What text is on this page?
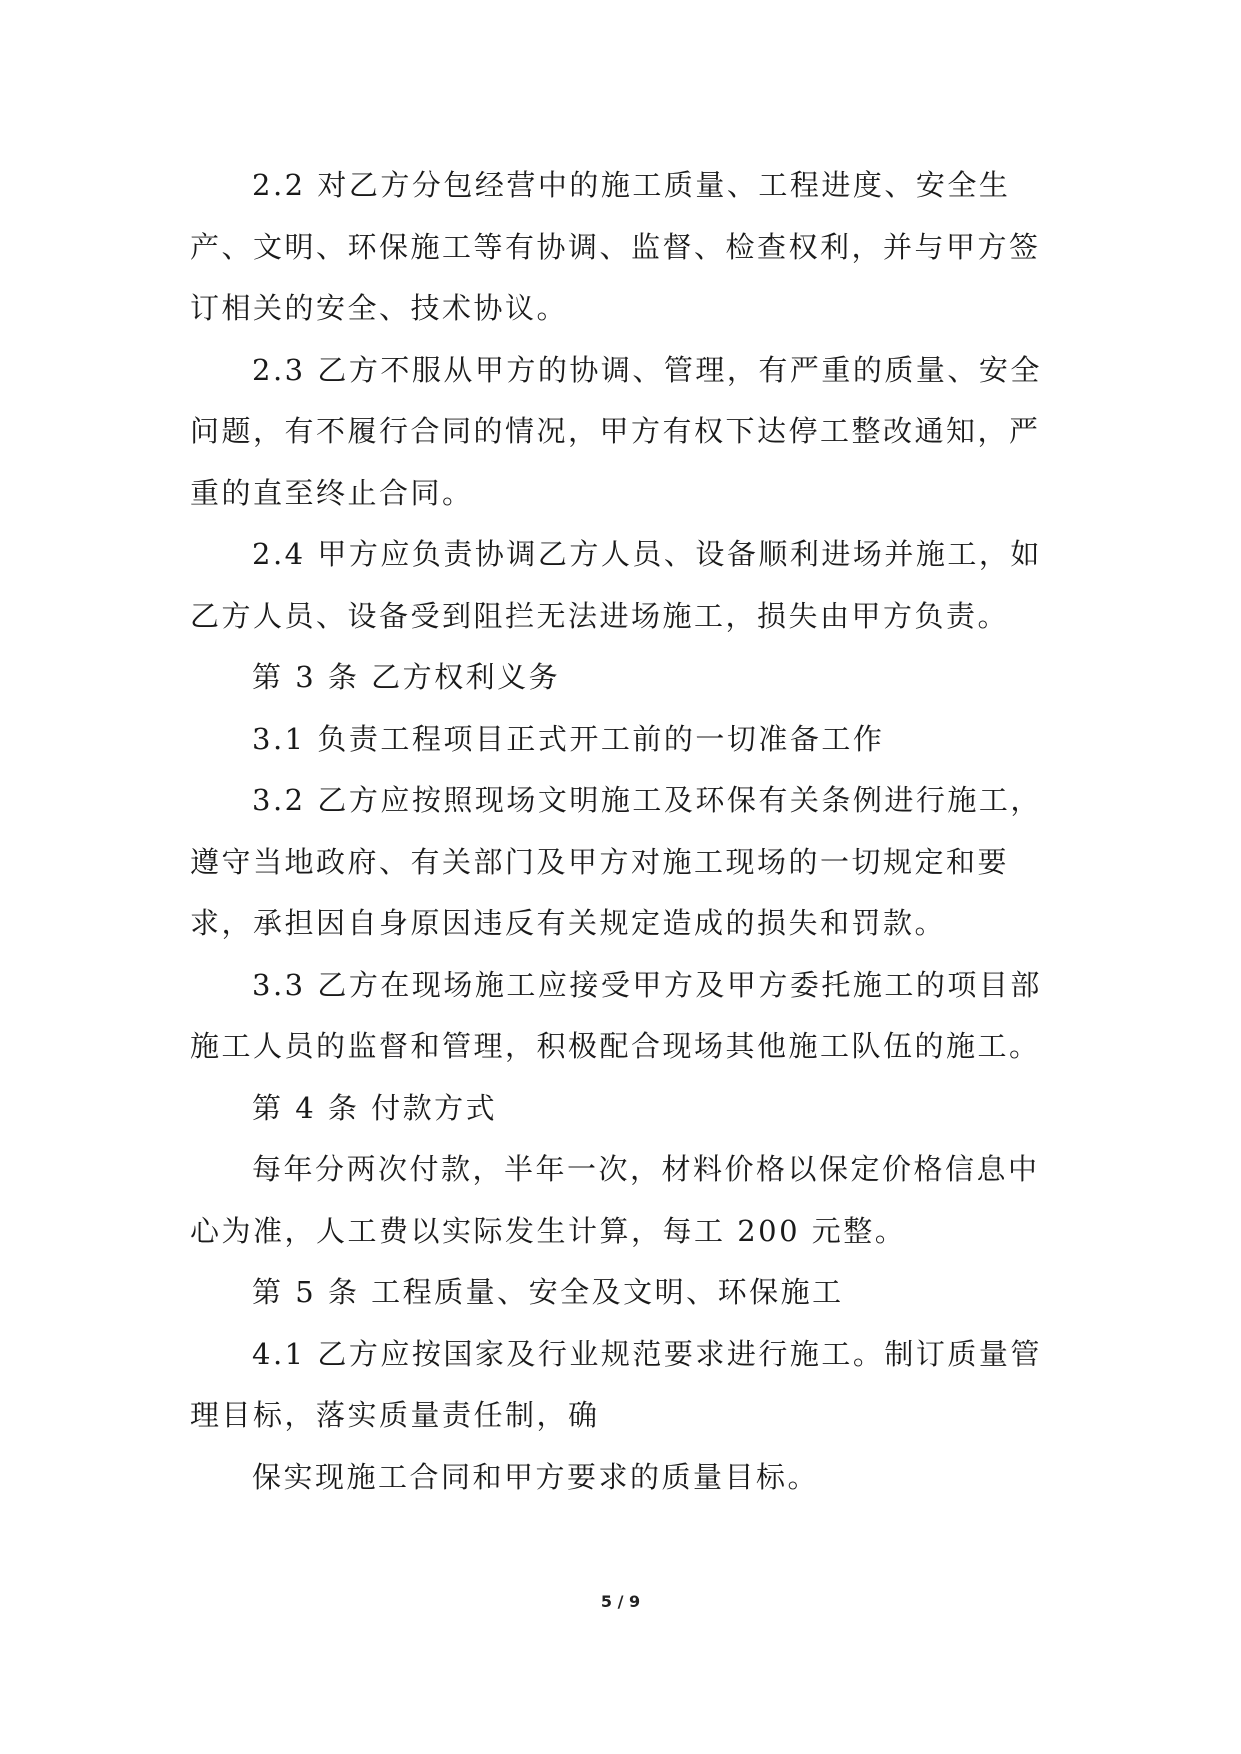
2.2 对乙方分包经营中的施工质量、工程进度、安全生产、文明、环保施工等有协调、监督、检查权利，并与甲方签订相关的安全、技术协议。

2.3 乙方不服从甲方的协调、管理，有严重的质量、安全问题，有不履行合同的情况，甲方有权下达停工整改通知，严重的直至终止合同。

2.4 甲方应负责协调乙方人员、设备顺利进场并施工，如乙方人员、设备受到阻拦无法进场施工，损失由甲方负责。

第 3 条 乙方权利义务

3.1 负责工程项目正式开工前的一切准备工作

3.2 乙方应按照现场文明施工及环保有关条例进行施工，遵守当地政府、有关部门及甲方对施工现场的一切规定和要求，承担因自身原因违反有关规定造成的损失和罚款。

3.3 乙方在现场施工应接受甲方及甲方委托施工的项目部施工人员的监督和管理，积极配合现场其他施工队伍的施工。

第 4 条 付款方式

每年分两次付款，半年一次，材料价格以保定价格信息中心为准，人工费以实际发生计算，每工 200 元整。

第 5 条 工程质量、安全及文明、环保施工

4.1 乙方应按国家及行业规范要求进行施工。制订质量管理目标，落实质量责任制，确

保实现施工合同和甲方要求的质量目标。

5 / 9
